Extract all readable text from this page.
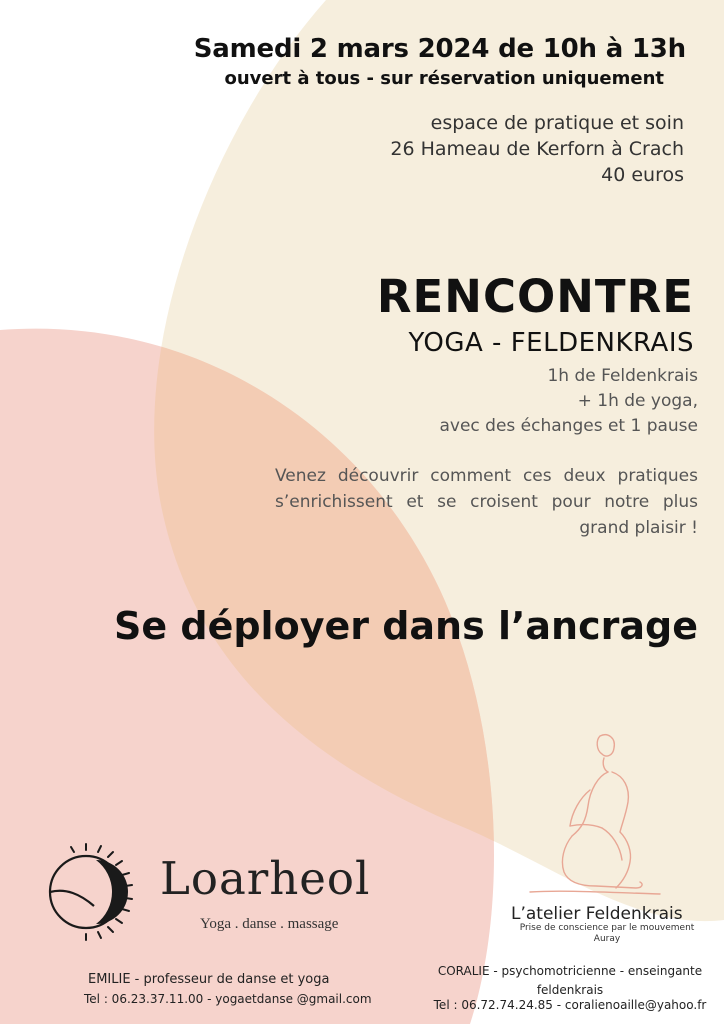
Samedi 2 mars 2024 de 10h à 13h
ouvert à tous - sur réservation uniquement
espace de pratique et soin
26 Hameau de Kerforn à Crach
40 euros
RENCONTRE
YOGA - FELDENKRAIS
1h de Feldenkrais
+ 1h de yoga,
avec des échanges et 1 pause
Venez découvrir comment ces deux pratiques s’enrichissent et se croisent pour notre plus grand plaisir !
Se déployer dans l’ancrage
Loarheol
Yoga . danse . massage
EMILIE - professeur de danse et yoga
Tel : 06.23.37.11.00 - yogaetdanse @gmail.com
L’atelier Feldenkrais
Prise de conscience par le mouvement
Auray
CORALIE - psychomotricienne - enseingante feldenkrais
Tel : 06.72.74.24.85 - coralienoaille@yahoo.fr
